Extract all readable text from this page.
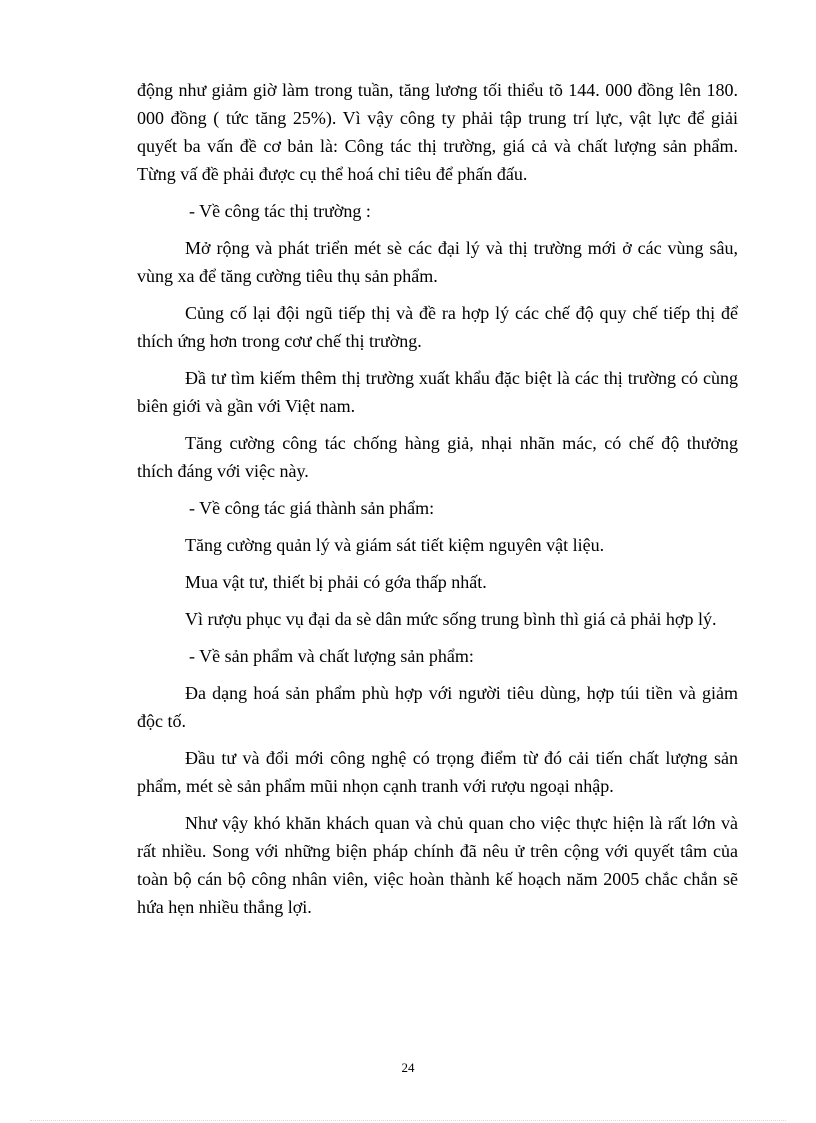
động như giảm giờ làm trong tuần, tăng lương tối thiểu tõ 144. 000 đồng lên 180. 000 đồng ( tức tăng 25%). Vì vậy công ty phải tập trung trí lực, vật lực để giải quyết ba vấn đề cơ bản là: Công tác thị trường, giá cả và chất lượng sản phẩm. Từng vấ đề phải được cụ thể hoá chỉ tiêu để phấn đấu.

- Về công tác thị trường :

Mở rộng và phát triển mét sè các đại lý và thị trường mới ở các vùng sâu, vùng xa để tăng cường tiêu thụ sản phẩm.

Củng cố lại đội ngũ tiếp thị và đề ra hợp lý các chế độ quy chế tiếp thị để thích ứng hơn trong cơư chế thị trường.

Đầ tư tìm kiếm thêm thị trường xuất khẩu đặc biệt là các thị trường có cùng biên giới và gần với Việt nam.

Tăng cường công tác chống hàng giả, nhại nhãn mác, có chế độ thưởng thích đáng với việc này.

- Về công tác giá thành sản phẩm:

Tăng cường quản lý và giám sát tiết kiệm nguyên vật liệu.

Mua vật tư, thiết bị phải có gớa thấp nhất.

Vì rượu phục vụ đại da sè dân mức sống trung bình thì giá cả phải hợp lý.

- Về sản phẩm và chất lượng sản phẩm:

Đa dạng hoá sản phẩm phù hợp với người tiêu dùng, hợp túi tiền và giảm độc tố.

Đầu tư và đổi mới công nghệ có trọng điểm từ đó cải tiến chất lượng sản phẩm, mét sè sản phẩm mũi nhọn cạnh tranh với rượu ngoại nhập.

Như vậy khó khăn khách quan và chủ quan cho việc thực hiện là rất lớn và rất nhiều. Song với những biện pháp chính đã nêu ử trên cộng với quyết tâm của toàn bộ cán bộ công nhân viên, việc hoàn thành kế hoạch năm 2005 chắc chắn sẽ hứa hẹn nhiều thắng lợi.

24
